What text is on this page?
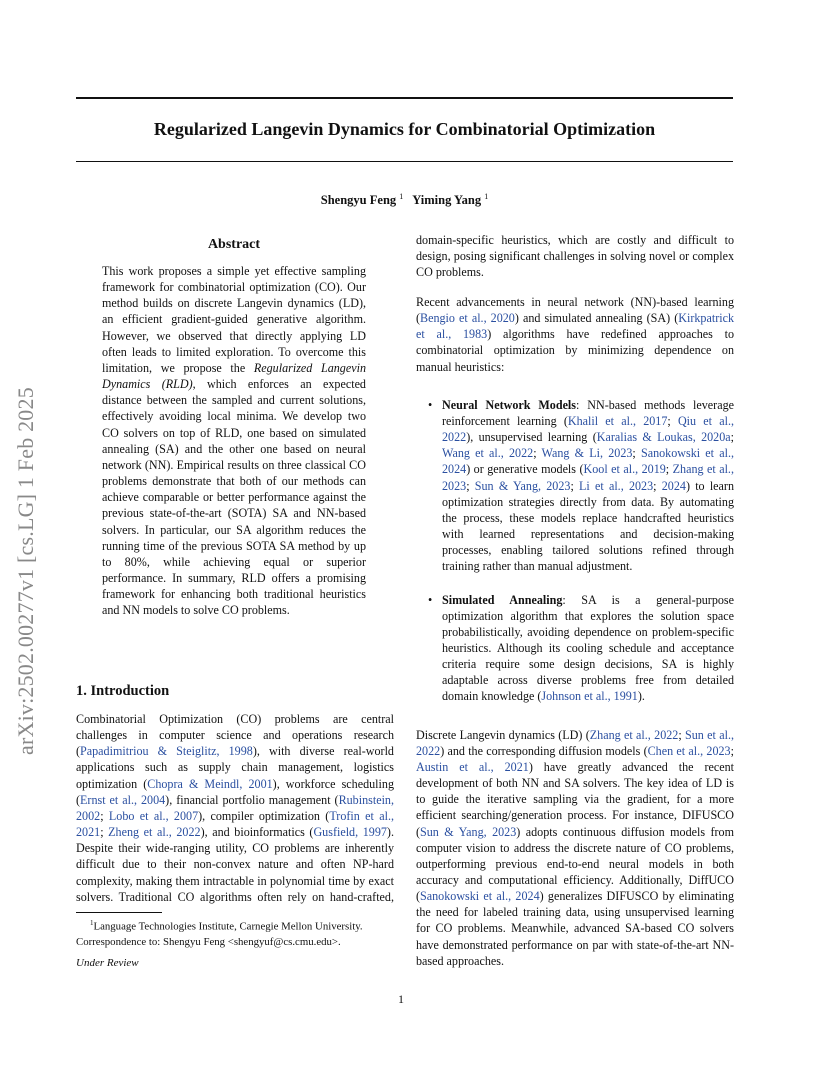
arXiv:2502.00277v1 [cs.LG] 1 Feb 2025
Regularized Langevin Dynamics for Combinatorial Optimization
Shengyu Feng $^1$ Yiming Yang $^1$
Abstract

This work proposes a simple yet effective sampling framework for combinatorial optimization (CO). Our method builds on discrete Langevin dynamics (LD), an efficient gradient-guided generative algorithm. However, we observed that directly applying LD often leads to limited exploration. To overcome this limitation, we propose the Regularized Langevin Dynamics (RLD), which enforces an expected distance between the sampled and current solutions, effectively avoiding local minima. We develop two CO solvers on top of RLD, one based on simulated annealing (SA) and the other one based on neural network (NN). Empirical results on three classical CO problems demonstrate that both of our methods can achieve comparable or better performance against the previous state-of-the-art (SOTA) SA and NN-based solvers. In particular, our SA algorithm reduces the running time of the previous SOTA SA method by up to 80%, while achieving equal or superior performance. In summary, RLD offers a promising framework for enhancing both traditional heuristics and NN models to solve CO problems.

1. Introduction

Combinatorial Optimization (CO) problems are central challenges in computer science and operations research (Papadimitriou & Steiglitz, 1998), with diverse real-world applications such as supply chain management, logistics optimization (Chopra & Meindl, 2001), workforce scheduling (Ernst et al., 2004), financial portfolio management (Rubinstein, 2002; Lobo et al., 2007), compiler optimization (Trofin et al., 2021; Zheng et al., 2022), and bioinformatics (Gusfield, 1997). Despite their wide-ranging utility, CO problems are inherently difficult due to their non-convex nature and often NP-hard complexity, making them intractable in polynomial time by exact solvers. Traditional CO algorithms often rely on hand-crafted,

domain-specific heuristics, which are costly and difficult to design, posing significant challenges in solving novel or complex CO problems.

Recent advancements in neural network (NN)-based learning (Bengio et al., 2020) and simulated annealing (SA) (Kirkpatrick et al., 1983) algorithms have redefined approaches to combinatorial optimization by minimizing dependence on manual heuristics:

• Neural Network Models: NN-based methods leverage reinforcement learning (Khalil et al., 2017; Qiu et al., 2022), unsupervised learning (Karalias & Loukas, 2020a; Wang et al., 2022; Wang & Li, 2023; Sanokowski et al., 2024) or generative models (Kool et al., 2019; Zhang et al., 2023; Sun & Yang, 2023; Li et al., 2023; 2024) to learn optimization strategies directly from data. By automating the process, these models replace handcrafted heuristics with learned representations and decision-making processes, enabling tailored solutions refined through training rather than manual adjustment.

• Simulated Annealing: SA is a general-purpose optimization algorithm that explores the solution space probabilistically, avoiding dependence on problem-specific heuristics. Although its cooling schedule and acceptance criteria require some design decisions, SA is highly adaptable across diverse problems free from detailed domain knowledge (Johnson et al., 1991).

Discrete Langevin dynamics (LD) (Zhang et al., 2022; Sun et al., 2022) and the corresponding diffusion models (Chen et al., 2023; Austin et al., 2021) have greatly advanced the recent development of both NN and SA solvers. The key idea of LD is to guide the iterative sampling via the gradient, for a more efficient searching/generation process. For instance, DIFUSCO (Sun & Yang, 2023) adopts continuous diffusion models from computer vision to address the discrete nature of CO problems, outperforming previous end-to-end neural models in both accuracy and computational efficiency. Additionally, DiffUCO (Sanokowski et al., 2024) generalizes DIFUSCO by eliminating the need for labeled training data, using unsupervised learning for CO problems. Meanwhile, advanced SA-based CO solvers have demonstrated performance on par with state-of-the-art NN-based approaches.

$^1$Language Technologies Institute, Carnegie Mellon University.
Correspondence to: Shengyu Feng <shengyuf@cs.cmu.edu>.
Under Review
1
